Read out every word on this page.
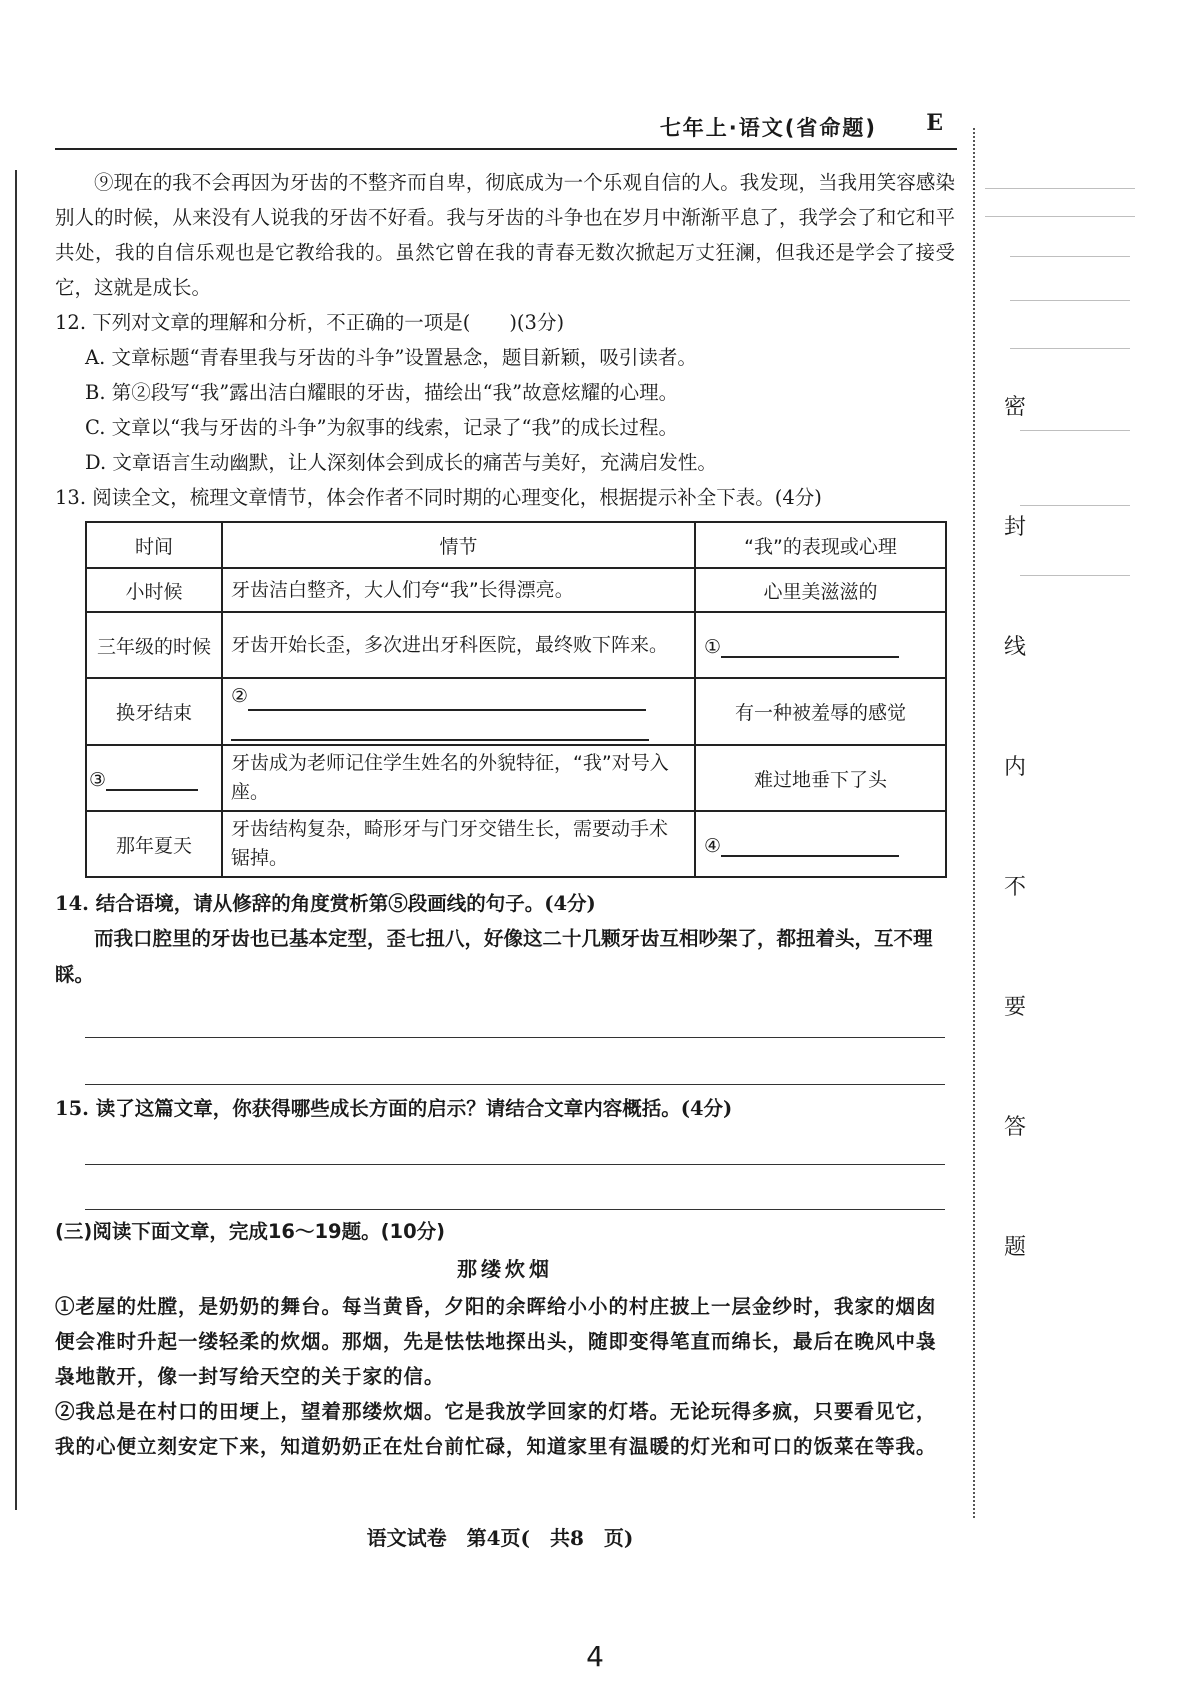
七年上·语文(省命题) E
密
封
线
内
不
要
答
题

⑨现在的我不会再因为牙齿的不整齐而自卑，彻底成为一个乐观自信的人。我发现，当我用笑容感染别人的时候，从来没有人说我的牙齿不好看。我与牙齿的斗争也在岁月中渐渐平息了，我学会了和它和平共处，我的自信乐观也是它教给我的。虽然它曾在我的青春无数次掀起万丈狂澜，但我还是学会了接受它，这就是成长。

12. 下列对文章的理解和分析，不正确的一项是(　　)(3分)

A. 文章标题“青春里我与牙齿的斗争”设置悬念，题目新颖，吸引读者。

B. 第②段写“我”露出洁白耀眼的牙齿，描绘出“我”故意炫耀的心理。

C. 文章以“我与牙齿的斗争”为叙事的线索，记录了“我”的成长过程。

D. 文章语言生动幽默，让人深刻体会到成长的痛苦与美好，充满启发性。

13. 阅读全文，梳理文章情节，体会作者不同时期的心理变化，根据提示补全下表。(4分)

时间	情节	“我”的表现或心理
小时候	牙齿洁白整齐，大人们夸“我”长得漂亮。	心里美滋滋的
三年级的时候	牙齿开始长歪，多次进出牙科医院，最终败下阵来。	①
换牙结束	②	有一种被羞辱的感觉
③	牙齿成为老师记住学生姓名的外貌特征，“我”对号入座。	难过地垂下了头
那年夏天	牙齿结构复杂，畸形牙与门牙交错生长，需要动手术锯掉。	④

14. 结合语境，请从修辞的角度赏析第⑤段画线的句子。(4分)

而我口腔里的牙齿也已基本定型，歪七扭八，好像这二十几颗牙齿互相吵架了，都扭着头，互不理睬。

15. 读了这篇文章，你获得哪些成长方面的启示？请结合文章内容概括。(4分)

(三)阅读下面文章，完成16～19题。(10分)

那缕炊烟

①老屋的灶膛，是奶奶的舞台。每当黄昏，夕阳的余晖给小小的村庄披上一层金纱时，我家的烟囱便会准时升起一缕轻柔的炊烟。那烟，先是怯怯地探出头，随即变得笔直而绵长，最后在晚风中袅袅地散开，像一封写给天空的关于家的信。

②我总是在村口的田埂上，望着那缕炊烟。它是我放学回家的灯塔。无论玩得多疯，只要看见它，我的心便立刻安定下来，知道奶奶正在灶台前忙碌，知道家里有温暖的灯光和可口的饭菜在等我。

语文试卷　第4页(　共8　页)
4
